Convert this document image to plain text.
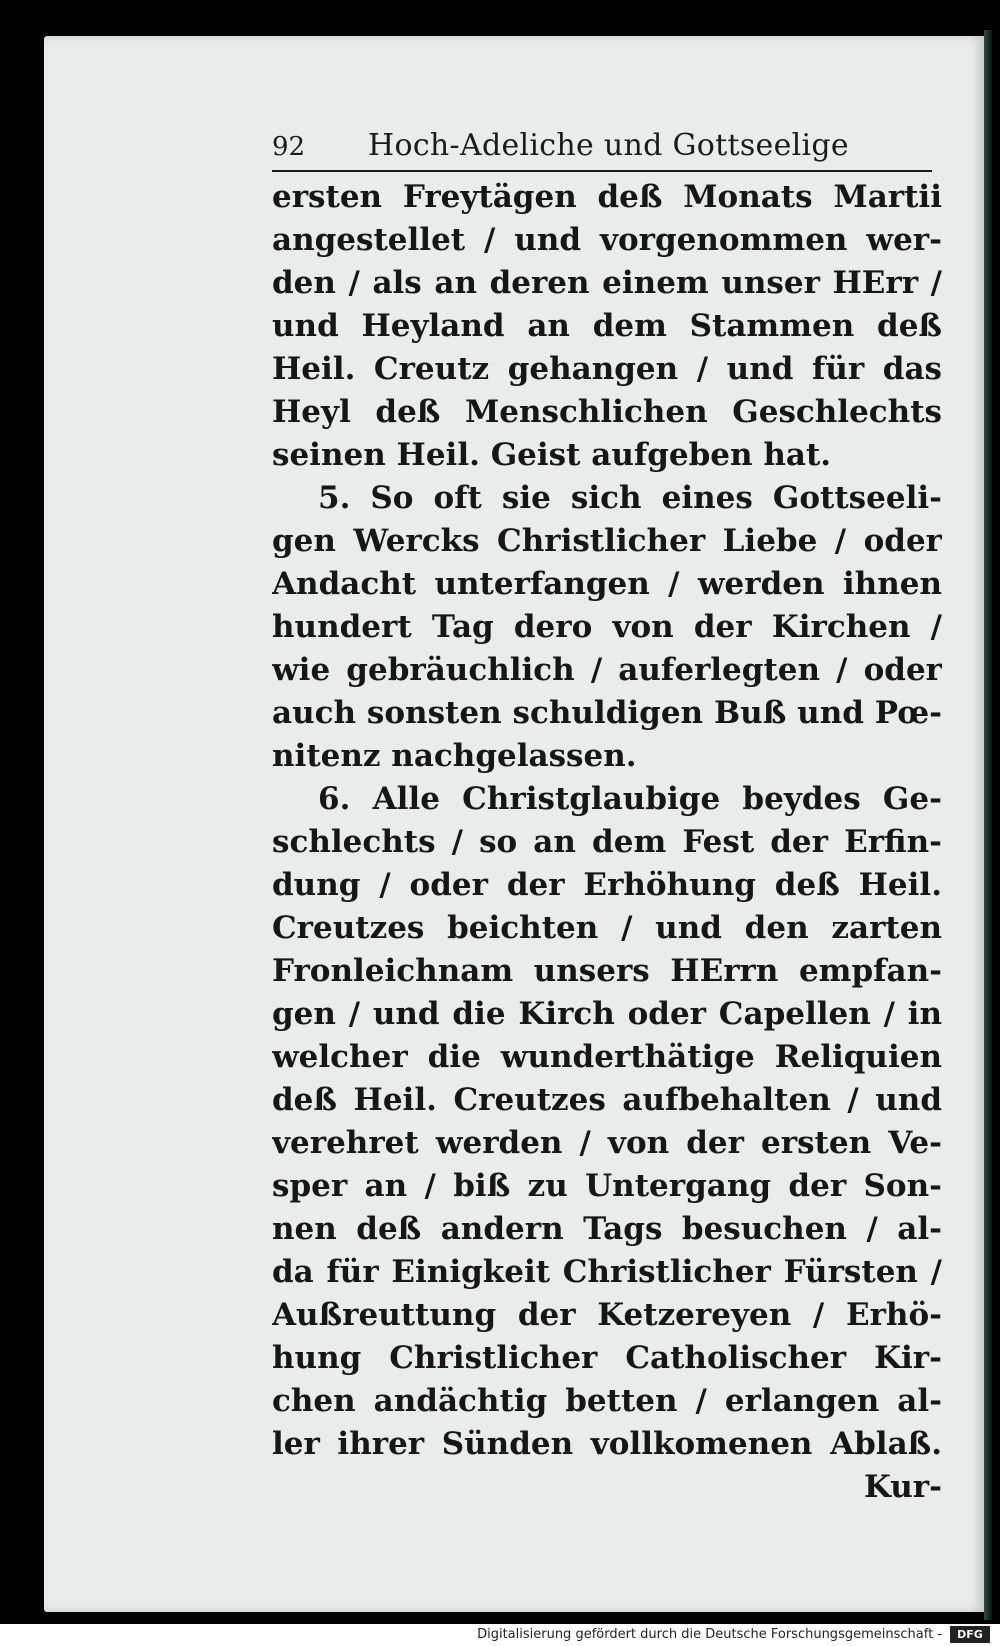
92 Hoch-Adeliche und Gottseelige
ersten Freytägen deß Monats Martii
angestellet / und vorgenommen wer-
den / als an deren einem unser HErr /
und Heyland an dem Stammen deß
Heil. Creutz gehangen / und für das
Heyl deß Menschlichen Geschlechts
seinen Heil. Geist aufgeben hat.
5. So oft sie sich eines Gottseeli-
gen Wercks Christlicher Liebe / oder
Andacht unterfangen / werden ihnen
hundert Tag dero von der Kirchen /
wie gebräuchlich / auferlegten / oder
auch sonsten schuldigen Buß und Pœ-
nitenz nachgelassen.
6. Alle Christglaubige beydes Ge-
schlechts / so an dem Fest der Erfin-
dung / oder der Erhöhung deß Heil.
Creutzes beichten / und den zarten
Fronleichnam unsers HErrn empfan-
gen / und die Kirch oder Capellen / in
welcher die wunderthätige Reliquien
deß Heil. Creutzes aufbehalten / und
verehret werden / von der ersten Ve-
sper an / biß zu Untergang der Son-
nen deß andern Tags besuchen / al-
da für Einigkeit Christlicher Fürsten /
Außreuttung der Ketzereyen / Erhö-
hung Christlicher Catholischer Kir-
chen andächtig betten / erlangen al-
ler ihrer Sünden vollkomenen Ablaß.
Kur-
Digitalisierung gefördert durch die Deutsche Forschungsgemeinschaft -	DFG
